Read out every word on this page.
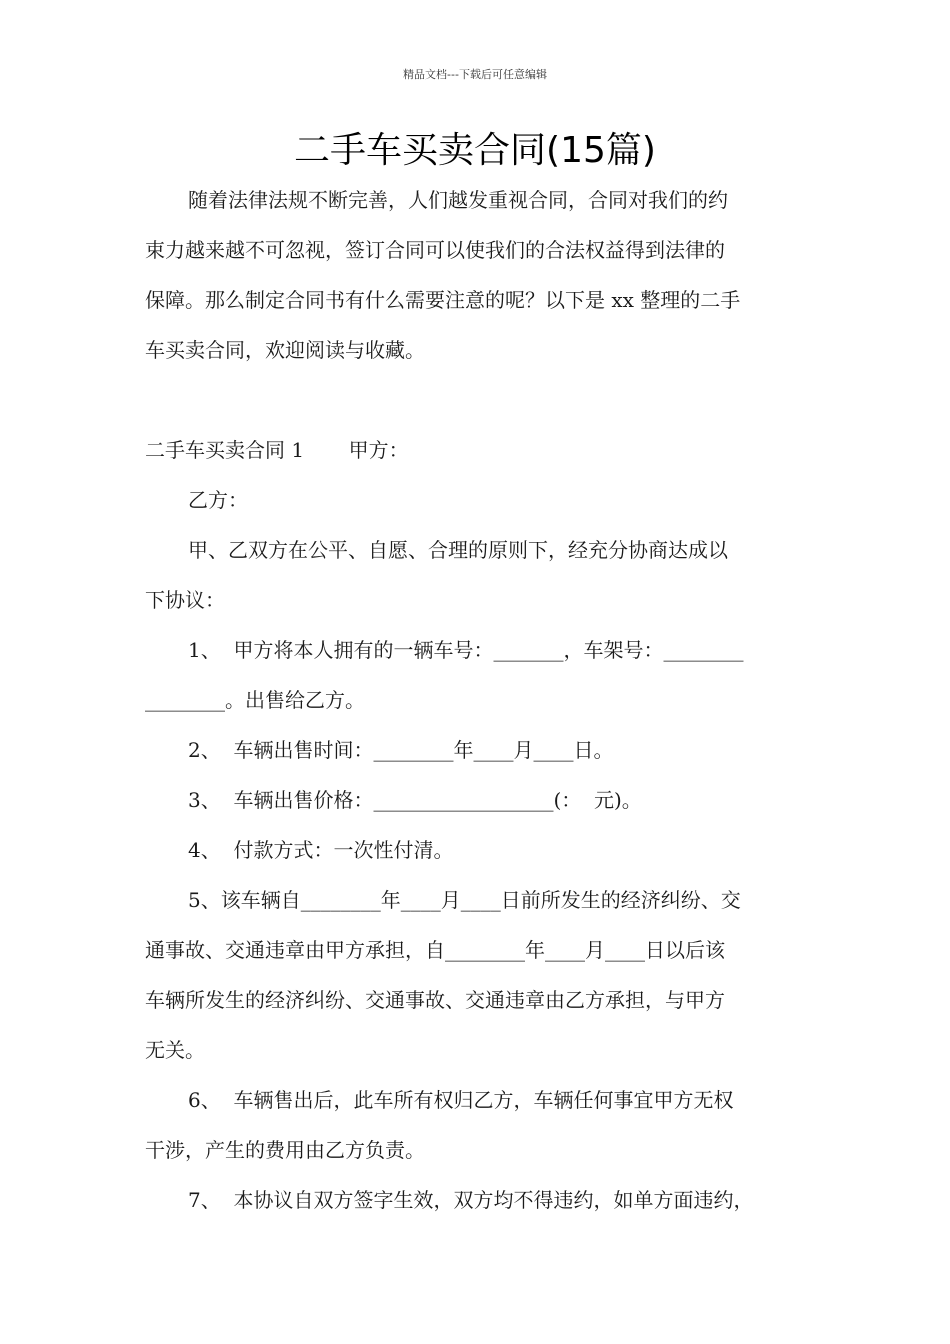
精品文档---下载后可任意编辑
二手车买卖合同(15篇)
随着法律法规不断完善，人们越发重视合同，合同对我们的约
束力越来越不可忽视，签订合同可以使我们的合法权益得到法律的
保障。那么制定合同书有什么需要注意的呢？以下是 xx 整理的二手
车买卖合同，欢迎阅读与收藏。
二手车买卖合同 1       甲方：
乙方：
甲、乙双方在公平、自愿、合理的原则下，经充分协商达成以
下协议：
1、  甲方将本人拥有的一辆车号：_______，车架号：________
________。出售给乙方。
2、  车辆出售时间：________年____月____日。
3、  车辆出售价格：__________________(：  元)。
4、  付款方式：一次性付清。
5、该车辆自________年____月____日前所发生的经济纠纷、交
通事故、交通违章由甲方承担，自________年____月____日以后该
车辆所发生的经济纠纷、交通事故、交通违章由乙方承担，与甲方
无关。
6、  车辆售出后，此车所有权归乙方，车辆任何事宜甲方无权
干涉，产生的费用由乙方负责。
7、  本协议自双方签字生效，双方均不得违约，如单方面违约，
